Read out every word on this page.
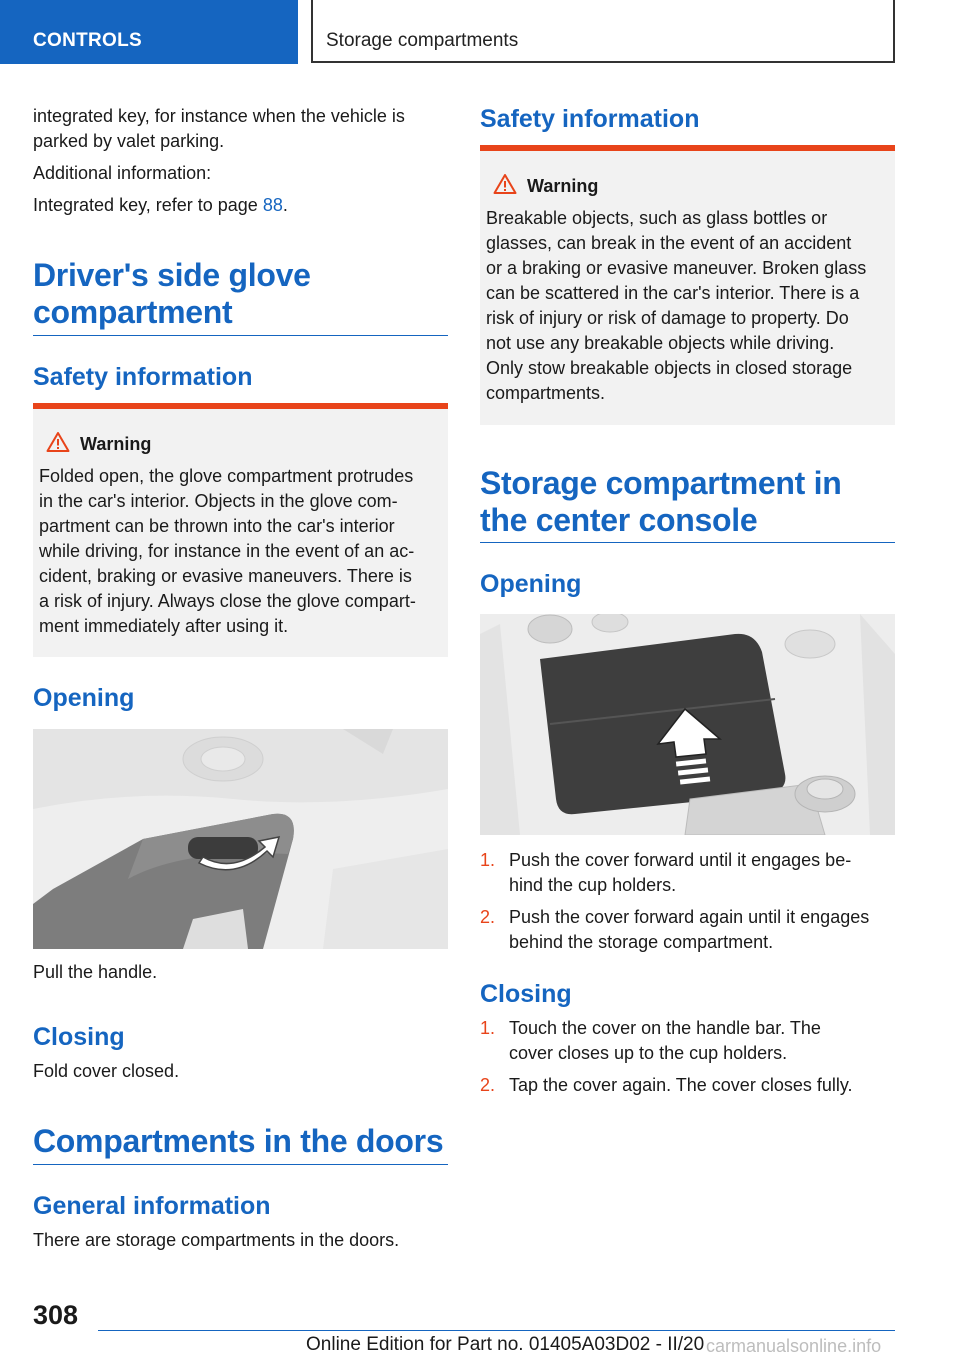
CONTROLS	Storage compartments

integrated key, for instance when the vehicle is

parked by valet parking.

Additional information:

Integrated key, refer to page 88.

Driver's side glove
compartment
Safety information
Warning
Folded open, the glove compartment protrudes
in the car's interior. Objects in the glove com‐
partment can be thrown into the car's interior
while driving, for instance in the event of an ac‐
cident, braking or evasive maneuvers. There is
a risk of injury. Always close the glove compart‐
ment immediately after using it.
Opening

Pull the handle.

Closing

Fold cover closed.

Compartments in the doors
General information

There are storage compartments in the doors.

Safety information
Warning
Breakable objects, such as glass bottles or
glasses, can break in the event of an accident
or a braking or evasive maneuver. Broken glass
can be scattered in the car's interior. There is a
risk of injury or risk of damage to property. Do
not use any breakable objects while driving.
Only stow breakable objects in closed storage
compartments.
Storage compartment in
the center console
Opening
1. Push the cover forward until it engages be‐
hind the cup holders.
2. Push the cover forward again until it engages
behind the storage compartment.
Closing
1. Touch the cover on the handle bar. The
cover closes up to the cup holders.
2. Tap the cover again. The cover closes fully.
308
Online Edition for Part no. 01405A03D02 - II/20 carmanualsonline.info
